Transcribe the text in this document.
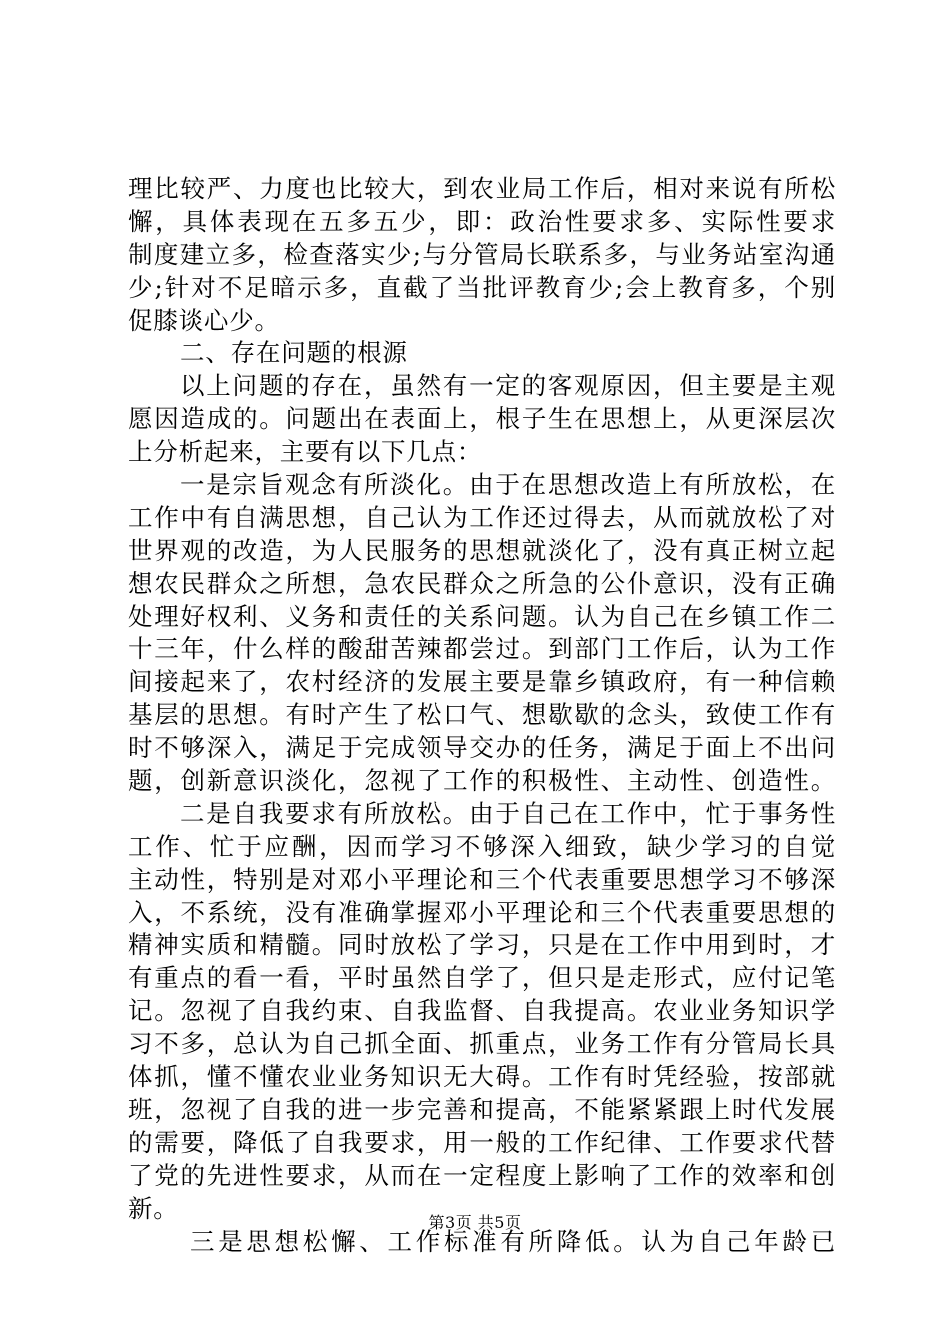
理比较严、力度也比较大，到农业局工作后，相对来说有所松
懈，具体表现在五多五少，即：政治性要求多、实际性要求
制度建立多，检查落实少;与分管局长联系多，与业务站室沟通
少;针对不足暗示多，直截了当批评教育少;会上教育多，个别
促膝谈心少。
二、存在问题的根源
以上问题的存在，虽然有一定的客观原因，但主要是主观
愿因造成的。问题出在表面上，根子生在思想上，从更深层次
上分析起来，主要有以下几点：
一是宗旨观念有所淡化。由于在思想改造上有所放松，在
工作中有自满思想，自己认为工作还过得去，从而就放松了对
世界观的改造，为人民服务的思想就淡化了，没有真正树立起
想农民群众之所想，急农民群众之所急的公仆意识，没有正确
处理好权利、义务和责任的关系问题。认为自己在乡镇工作二
十三年，什么样的酸甜苦辣都尝过。到部门工作后，认为工作
间接起来了，农村经济的发展主要是靠乡镇政府，有一种信赖
基层的思想。有时产生了松口气、想歇歇的念头，致使工作有
时不够深入，满足于完成领导交办的任务，满足于面上不出问
题，创新意识淡化，忽视了工作的积极性、主动性、创造性。
二是自我要求有所放松。由于自己在工作中，忙于事务性
工作、忙于应酬，因而学习不够深入细致，缺少学习的自觉
主动性，特别是对邓小平理论和三个代表重要思想学习不够深
入，不系统，没有准确掌握邓小平理论和三个代表重要思想的
精神实质和精髓。同时放松了学习，只是在工作中用到时，才
有重点的看一看，平时虽然自学了，但只是走形式，应付记笔
记。忽视了自我约束、自我监督、自我提高。农业业务知识学
习不多，总认为自己抓全面、抓重点，业务工作有分管局长具
体抓，懂不懂农业业务知识无大碍。工作有时凭经验，按部就
班，忽视了自我的进一步完善和提高，不能紧紧跟上时代发展
的需要，降低了自我要求，用一般的工作纪律、工作要求代替
了党的先进性要求，从而在一定程度上影响了工作的效率和创
新。
三是思想松懈、工作标准有所降低。认为自己年龄已
第3页 共5页
